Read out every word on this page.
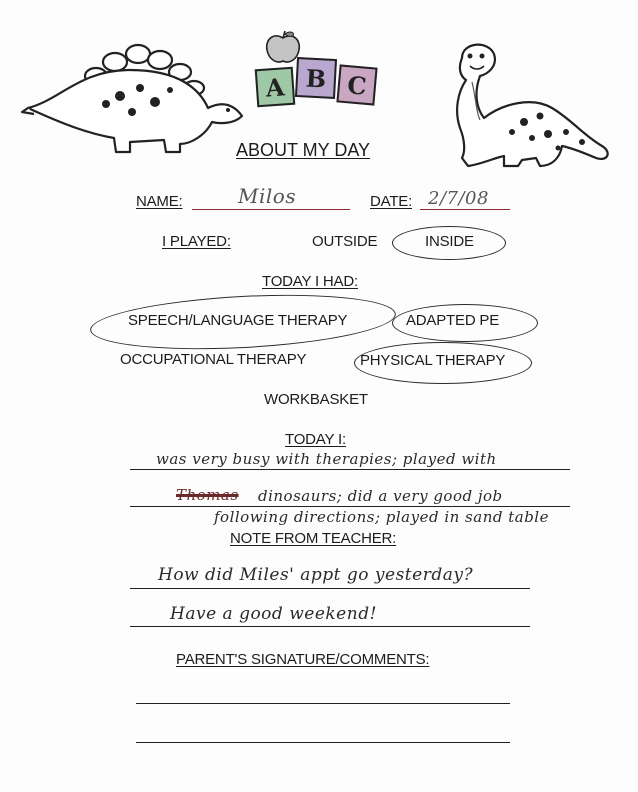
A B C
ABOUT MY DAY
NAME:	Milos	DATE: 2/7/08
I PLAYED:	OUTSIDE	INSIDE
TODAY I HAD:
SPEECH/LANGUAGE THERAPY	ADAPTED PE
OCCUPATIONAL THERAPY	PHYSICAL THERAPY
WORKBASKET
TODAY I:
was very busy with therapies; played with
Thomas dinosaurs; did a very good job
following directions; played in sand table
NOTE FROM TEACHER:
How did Miles' appt go yesterday?
Have a good weekend!
PARENT'S SIGNATURE/COMMENTS:
